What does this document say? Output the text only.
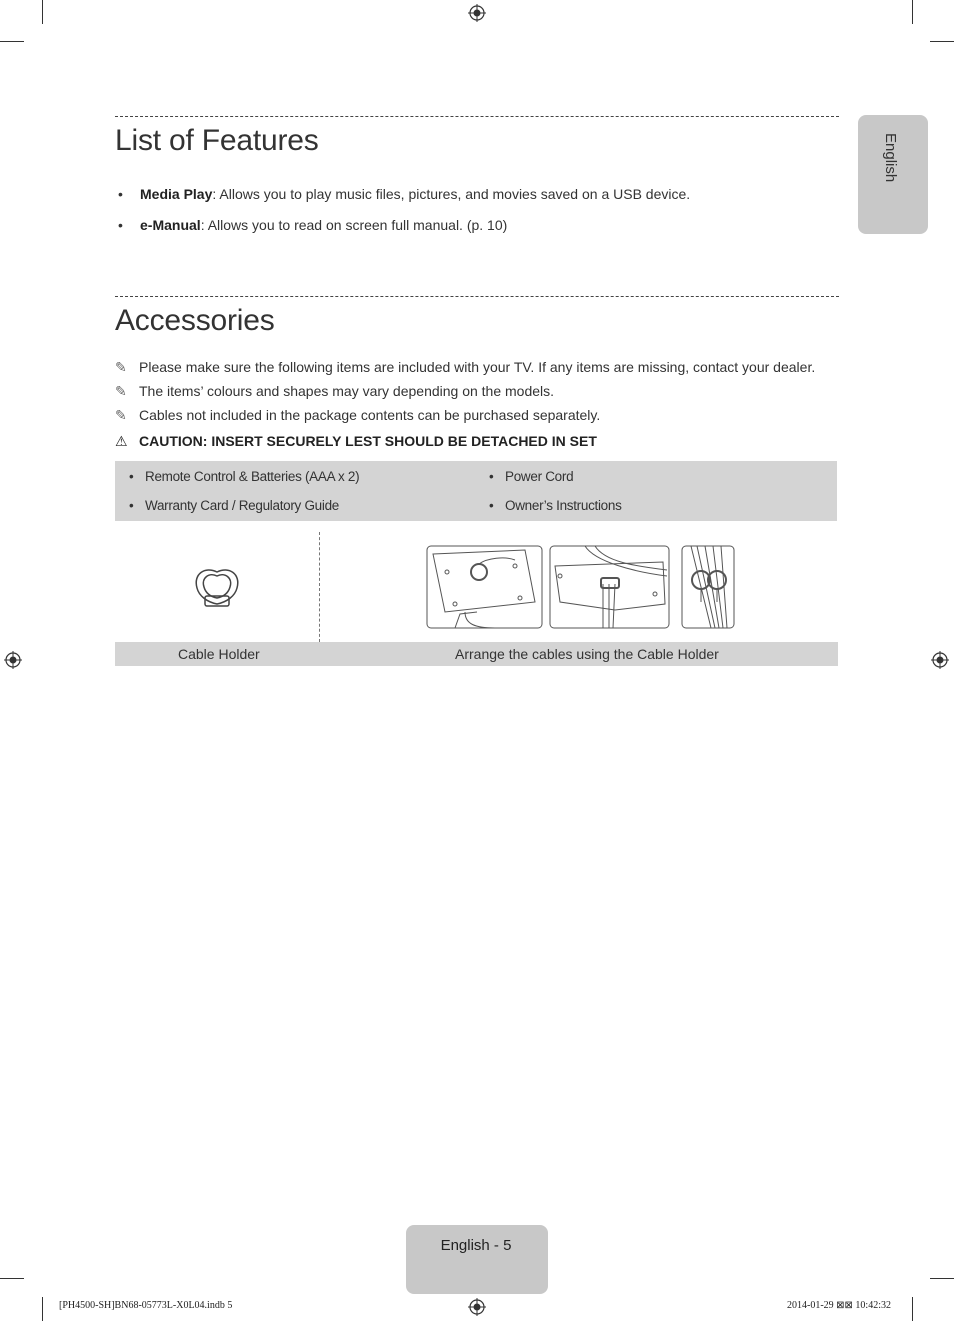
English
List of Features
• Media Play: Allows you to play music files, pictures, and movies saved on a USB device.
• e-Manual: Allows you to read on screen full manual. (p. 10)
Accessories
✎ Please make sure the following items are included with your TV. If any items are missing, contact your dealer.
✎ The items’ colours and shapes may vary depending on the models.
✎ Cables not included in the package contents can be purchased separately.
⚠ CAUTION: INSERT SECURELY LEST SHOULD BE DETACHED IN SET
• Remote Control & Batteries (AAA x 2)	• Power Cord
• Warranty Card / Regulatory Guide	• Owner’s Instructions
Cable Holder	Arrange the cables using the Cable Holder
English - 5
[PH4500-SH]BN68-05773L-X0L04.indb 5	2014-01-29 ⊠⊠ 10:42:32
